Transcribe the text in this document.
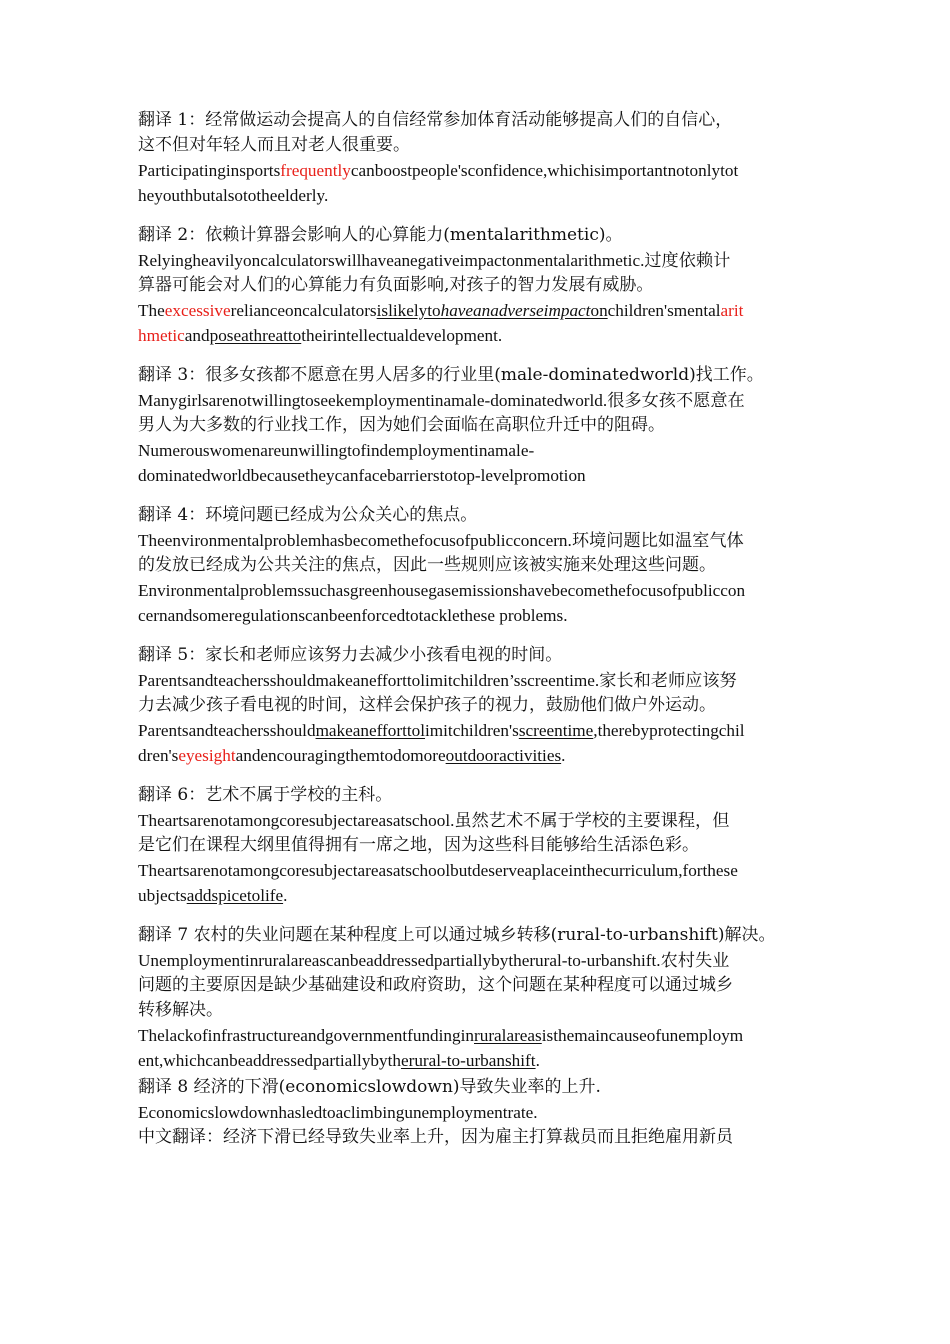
翻译 1：经常做运动会提高人的自信经常参加体育活动能够提高人们的自信心，
这不但对年轻人而且对老人很重要。
Participatinginsportsfrequentlycanboostpeople'sconfidence,whichisimportantnotonlytot
heyouthbutalsototheelderly.
翻译 2：依赖计算器会影响人的心算能力(mentalarithmetic)。
Relyingheavilyoncalculatorswillhaveanegativeimpactonmentalarithmetic.过度依赖计
算器可能会对人们的心算能力有负面影响,对孩子的智力发展有威胁。
Theexcessiverelianceoncalculatorsislikelytohaveanadverseimpactonchildren'smentalarit
hmeticandposeathreattotheirintellectualdevelopment.
翻译 3：很多女孩都不愿意在男人居多的行业里(male-dominatedworld)找工作。
Manygirlsarenotwillingtoseekemploymentinamale-dominatedworld.很多女孩不愿意在
男人为大多数的行业找工作，因为她们会面临在高职位升迁中的阻碍。
Numerouswomenareunwillingtofindemploymentinamale-
dominatedworldbecausetheycanfacebarrierstotop-levelpromotion
翻译 4：环境问题已经成为公众关心的焦点。
Theenvironmentalproblemhasbecomethefocusofpublicconcern.环境问题比如温室气体
的发放已经成为公共关注的焦点，因此一些规则应该被实施来处理这些问题。
Environmentalproblemssuchasgreenhousegasemissionshavebecomethefocusofpubliccon
cernandsomeregulationscanbeenforcedtotacklethese problems.
翻译 5：家长和老师应该努力去减少小孩看电视的时间。
Parentsandteachersshouldmakeanefforttolimitchildren’sscreentime.家长和老师应该努
力去减少孩子看电视的时间，这样会保护孩子的视力，鼓励他们做户外运动。
Parentsandteachersshouldmakeanefforttolimitchildren'sscreentime,therebyprotectingchil
dren'seyesightandencouragingthemtodomoreoutdooractivities.
翻译 6：艺术不属于学校的主科。
Theartsarenotamongcoresubjectareasatschool.虽然艺术不属于学校的主要课程，但
是它们在课程大纲里值得拥有一席之地，因为这些科目能够给生活添色彩。
Theartsarenotamongcoresubjectareasatschoolbutdeserveaplaceinthecurriculum,forthese
ubjectsaddspicetolife.
翻译 7 农村的失业问题在某种程度上可以通过城乡转移(rural-to-urbanshift)解决。
Unemploymentinruralareascanbeaddressedpartiallybytherural-to-urbanshift.农村失业
问题的主要原因是缺少基础建设和政府资助，这个问题在某种程度可以通过城乡
转移解决。
Thelackofinfrastructureandgovernmentfundinginruralareasisthemaincauseofunemploym
ent,whichcanbeaddressedpartiallybytherural-to-urbanshift.
翻译 8 经济的下滑(economicslowdown)导致失业率的上升.
Economicslowdownhasledtoaclimbingunemploymentrate.
中文翻译：经济下滑已经导致失业率上升，因为雇主打算裁员而且拒绝雇用新员
